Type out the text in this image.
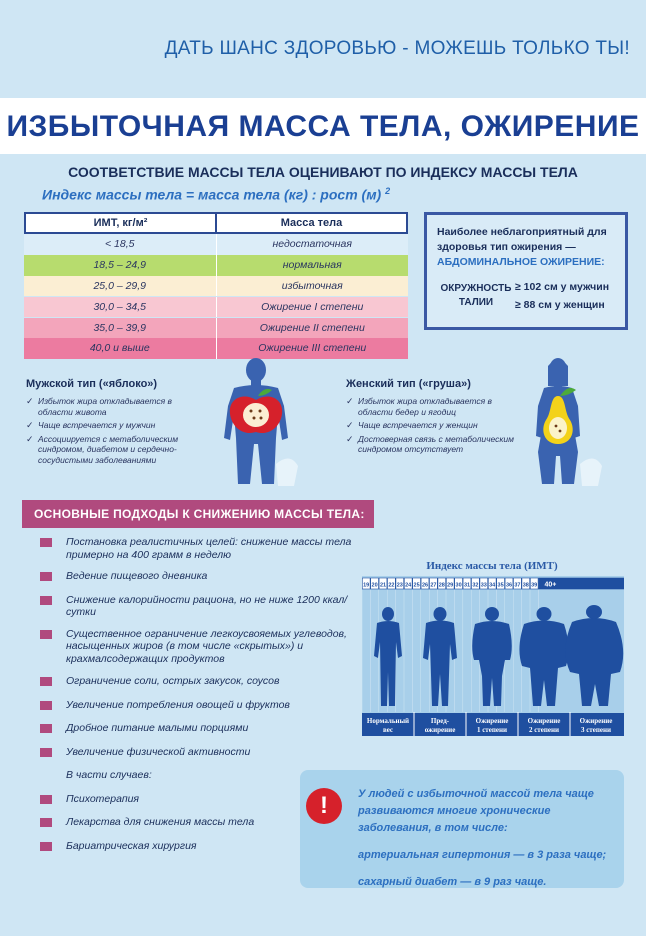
ДАТЬ ШАНС ЗДОРОВЬЮ - МОЖЕШЬ ТОЛЬКО ТЫ!
ИЗБЫТОЧНАЯ МАССА ТЕЛА, ОЖИРЕНИЕ
СООТВЕТСТВИЕ МАССЫ ТЕЛА ОЦЕНИВАЮТ ПО ИНДЕКСУ МАССЫ ТЕЛА
Индекс массы тела = масса тела (кг) : рост (м) $^2$
ИМТ, кг/м²	Масса тела
< 18,5	недостаточная
18,5 – 24,9	нормальная
25,0 – 29,9	избыточная
30,0 – 34,5	Ожирение I степени
35,0 – 39,9	Ожирение II степени
40,0 и выше	Ожирение III степени
Наиболее неблагоприятный для здоровья тип ожирения —
АБДОМИНАЛЬНОЕ ОЖИРЕНИЕ:
ОКРУЖНОСТЬ
ТАЛИИ
≥ 102 см у мужчин
≥ 88 см у женщин
Мужской тип («яблоко»)
✓ Избыток жира откладывается в области живота
✓ Чаще встречается у мужчин
✓ Ассоциируется с метаболическим синдромом, диабетом и сердечно-сосудистыми заболеваниями
Женский тип («груша»)
✓ Избыток жира откладывается в области бедер и ягодиц
✓ Чаще встречается у женщин
✓ Достоверная связь с метаболическим синдромом отсутствует
ОСНОВНЫЕ ПОДХОДЫ К СНИЖЕНИЮ МАССЫ ТЕЛА:
Постановка реалистичных целей: снижение массы тела примерно на 400 грамм в неделю
Ведение пищевого дневника
Снижение калорийности рациона, но не ниже 1200 ккал/сутки
Существенное ограничение легкоусвояемых углеводов, насыщенных жиров (в том числе «скрытых») и крахмалсодержащих продуктов
Ограничение соли, острых закусок, соусов
Увеличение потребления овощей и фруктов
Дробное питание малыми порциями
Увеличение физической активности
В части случаев:
Психотерапия
Лекарства для снижения массы тела
Бариатрическая хирургия
Индекс массы тела (ИМТ)
19 20 21 22 23 24 25 26 27 28 29 30 31 32 33 34 35 36 37 38 39 40+
Нормальный
вес
Пред-
ожирение
Ожирение
1 степени
Ожирение
2 степени
Ожирение
3 степени
!	У людей с избыточной массой тела чаще развиваются многие хронические заболевания, в том числе:

артериальная гипертония — в 3 раза чаще;

сахарный диабет — в 9 раз чаще.
